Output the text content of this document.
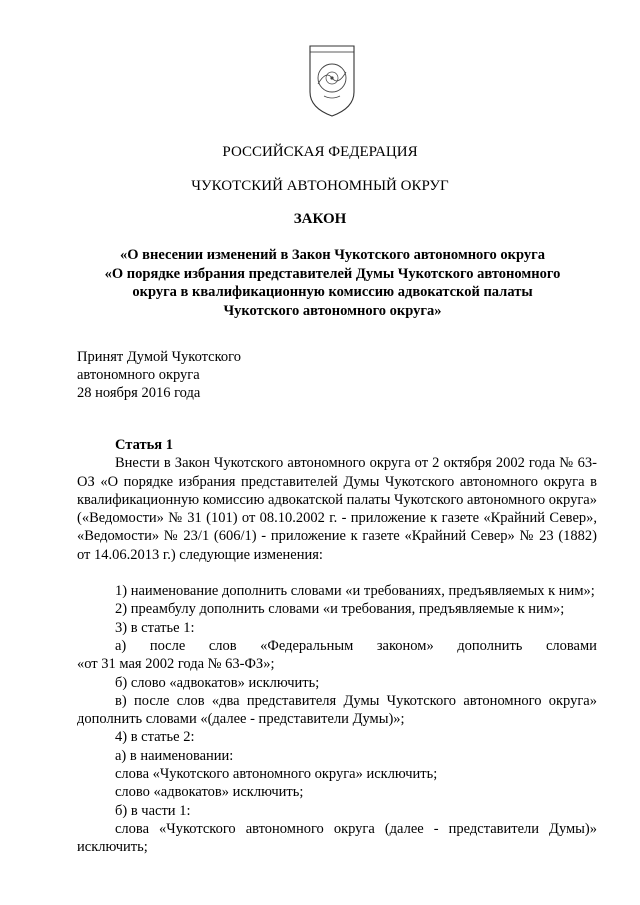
РОССИЙСКАЯ ФЕДЕРАЦИЯ
ЧУКОТСКИЙ АВТОНОМНЫЙ ОКРУГ
ЗАКОН
«О внесении изменений в Закон Чукотского автономного округа
«О порядке избрания представителей Думы Чукотского автономного
округа в квалификационную комиссию адвокатской палаты
Чукотского автономного округа»
Принят Думой Чукотского
автономного округа
28 ноября 2016 года
Статья 1
Внести в Закон Чукотского автономного округа от 2 октября 2002 года № 63-ОЗ «О порядке избрания представителей Думы Чукотского автономного округа в квалификационную комиссию адвокатской палаты Чукотского автономного округа» («Ведомости» № 31 (101) от 08.10.2002 г. - приложение к газете «Крайний Север», «Ведомости» № 23/1 (606/1) - приложение к газете «Крайний Север» № 23 (1882) от 14.06.2013 г.) следующие изменения:
1) наименование дополнить словами «и требованиях, предъявляемых к ним»;
2) преамбулу дополнить словами «и требования, предъявляемые к ним»;
3) в статье 1:
а) после слов «Федеральным законом» дополнить словами
«от 31 мая 2002 года № 63-ФЗ»;
б) слово «адвокатов» исключить;
в) после слов «два представителя Думы Чукотского автономного округа» дополнить словами «(далее - представители Думы)»;
4) в статье 2:
а) в наименовании:
слова «Чукотского автономного округа» исключить;
слово «адвокатов» исключить;
б) в части 1:
слова «Чукотского автономного округа (далее - представители Думы)» исключить;
